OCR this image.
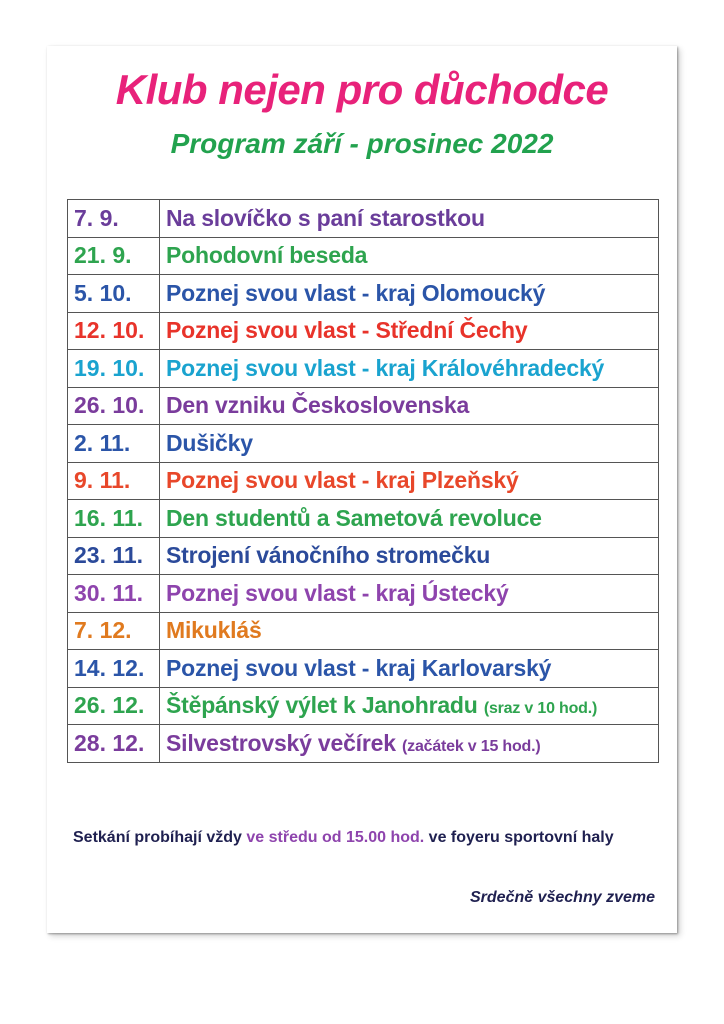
Klub nejen pro důchodce
Program září - prosinec 2022
7. 9.	Na slovíčko s paní starostkou
21. 9.	Pohodovní beseda
5. 10.	Poznej svou vlast - kraj Olomoucký
12. 10.	Poznej svou vlast - Střední Čechy
19. 10.	Poznej svou vlast - kraj Královéhradecký
26. 10.	Den vzniku Československa
2. 11.	Dušičky
9. 11.	Poznej svou vlast - kraj Plzeňský
16. 11.	Den studentů a Sametová revoluce
23. 11.	Strojení vánočního stromečku
30. 11.	Poznej svou vlast - kraj Ústecký
7. 12.	Mikukláš
14. 12.	Poznej svou vlast - kraj Karlovarský
26. 12.	Štěpánský výlet k Janohradu (sraz v 10 hod.)
28. 12.	Silvestrovský večírek (začátek v 15 hod.)
Setkání probíhají vždy ve středu od 15.00 hod. ve foyeru sportovní haly
Srdečně všechny zveme
